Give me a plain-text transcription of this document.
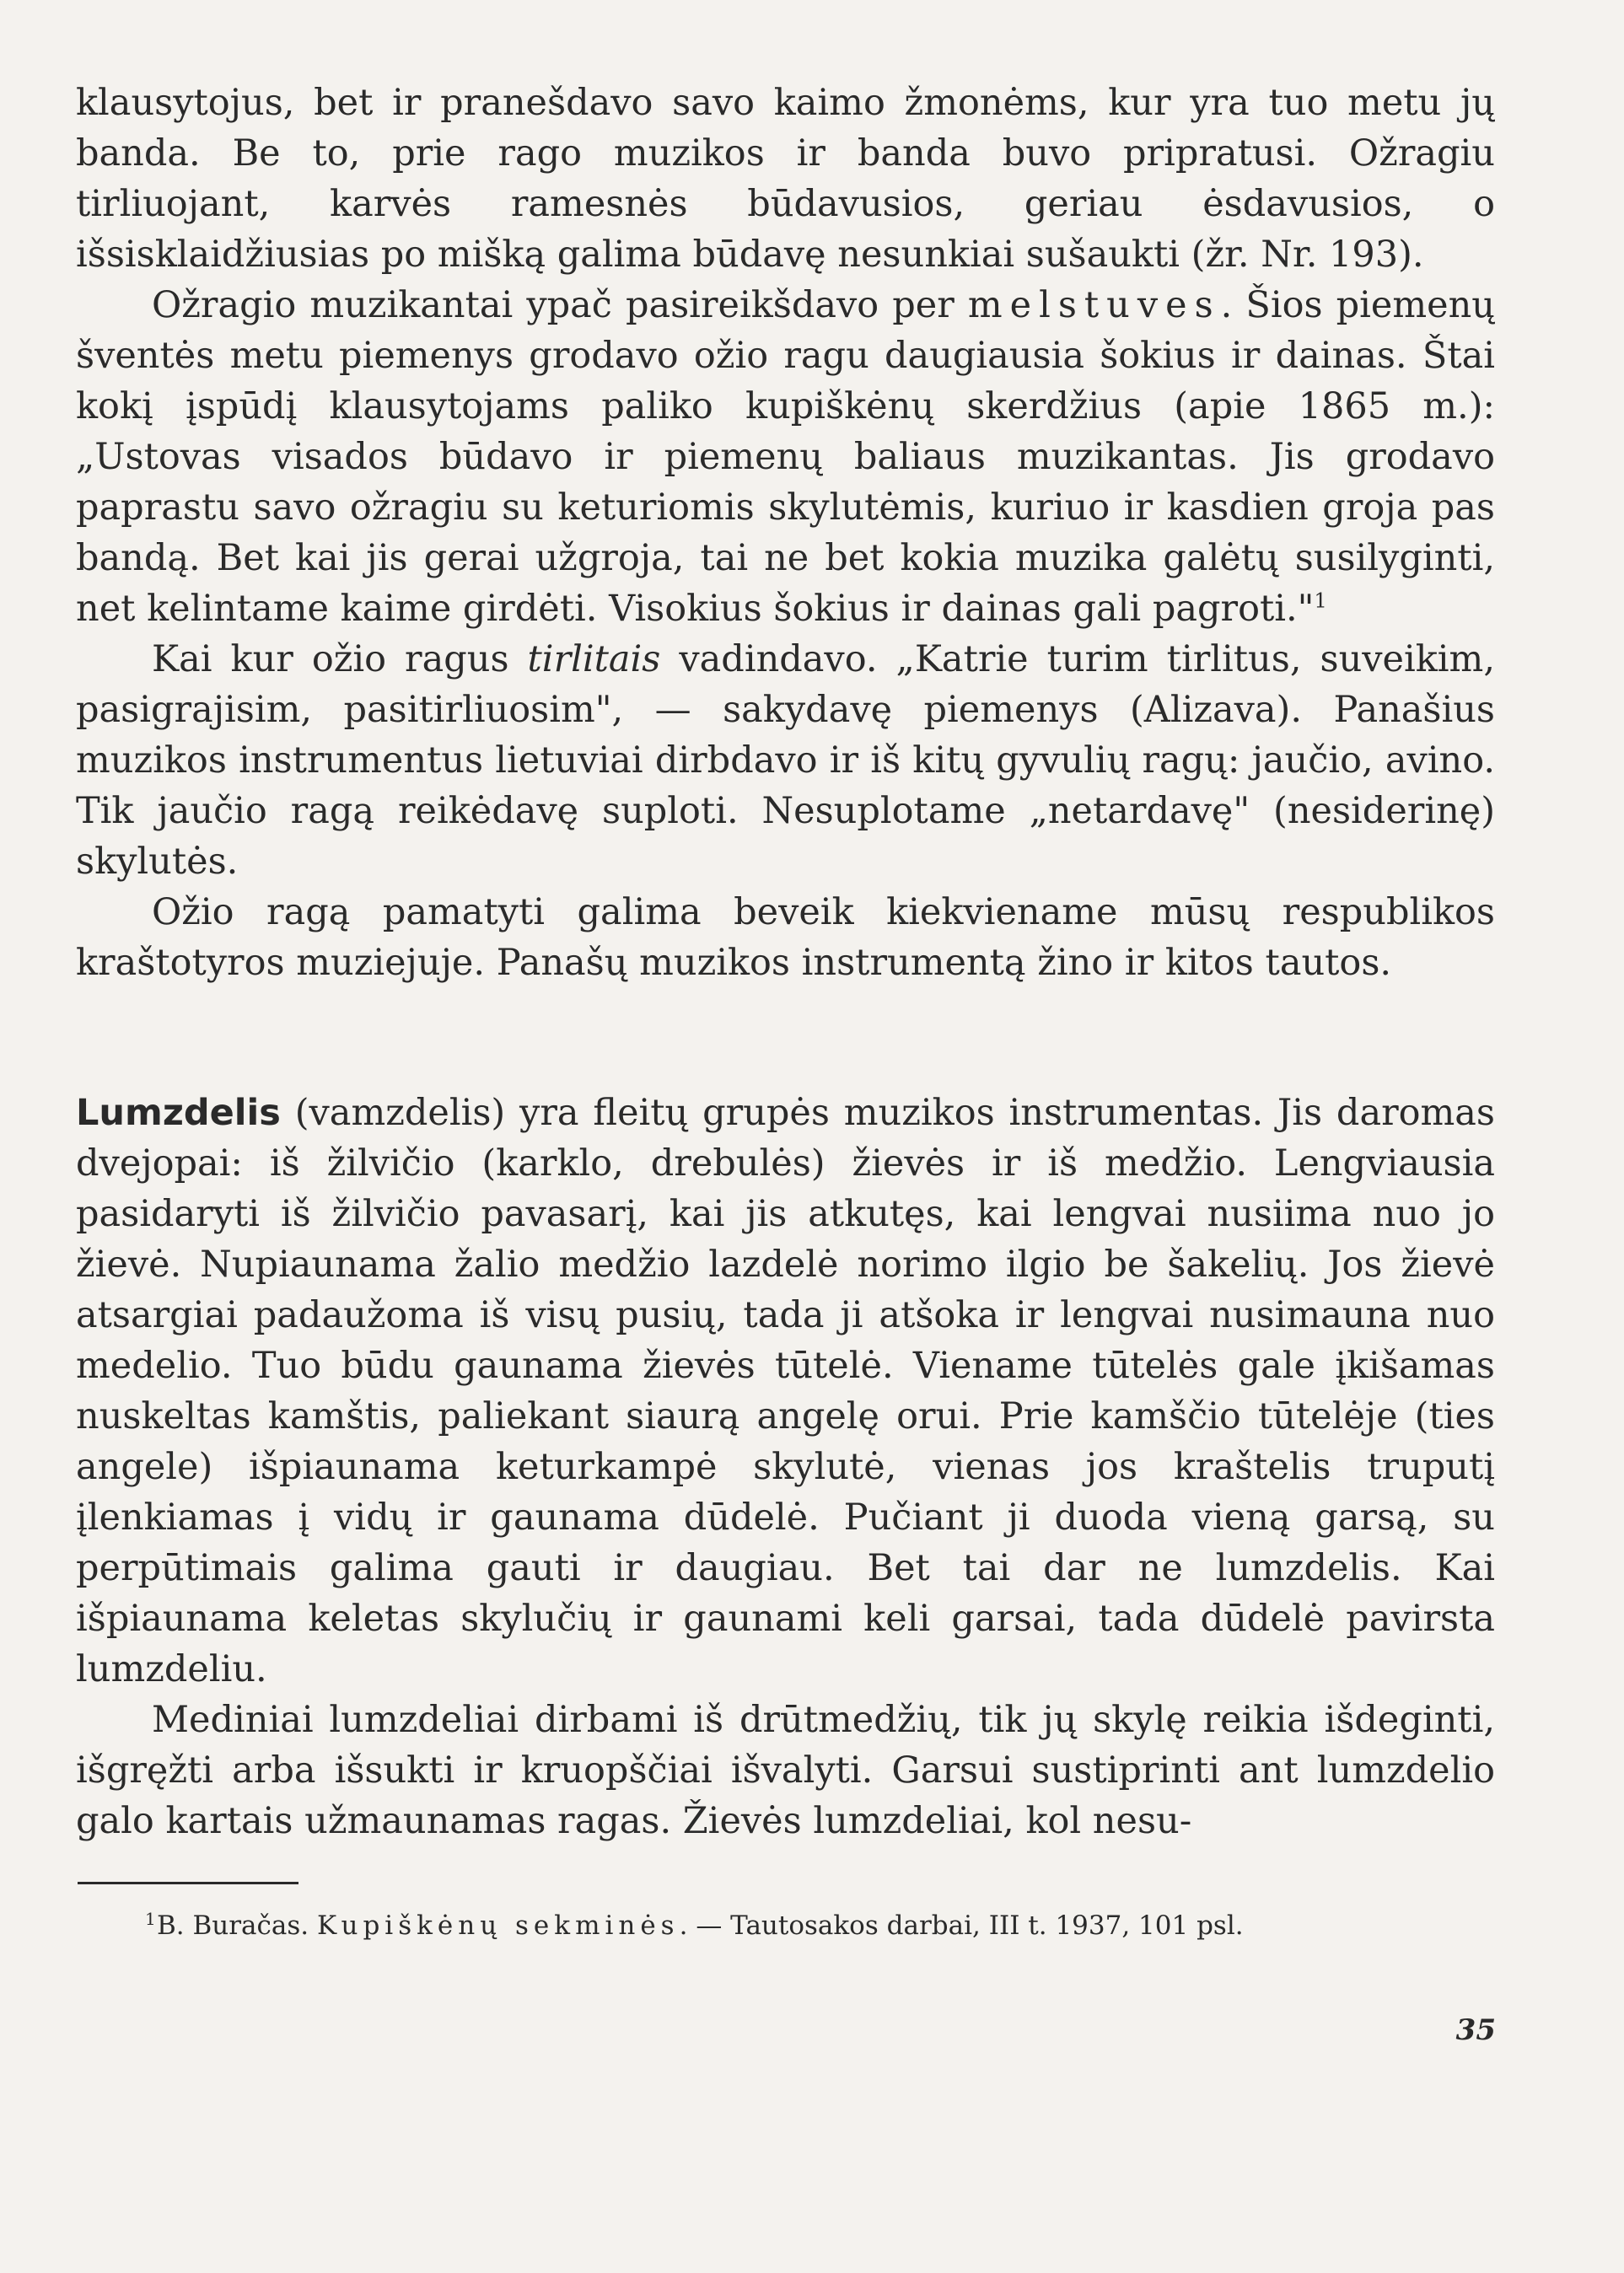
klausytojus, bet ir pranešdavo savo kaimo žmonėms, kur yra tuo metu jų banda. Be to, prie rago muzikos ir banda buvo pripratusi. Ožragiu tirliuojant, karvės ramesnės būdavusios, geriau ėsdavusios, o išsisklaidžiusias po mišką galima būdavę nesunkiai sušaukti (žr. Nr. 193).

Ožragio muzikantai ypač pasireikšdavo per melstuves. Šios piemenų šventės metu piemenys grodavo ožio ragu daugiausia šokius ir dainas. Štai kokį įspūdį klausytojams paliko kupiškėnų skerdžius (apie 1865 m.): „Ustovas visados būdavo ir piemenų baliaus muzikantas. Jis grodavo paprastu savo ožragiu su keturiomis skylutėmis, kuriuo ir kasdien groja pas bandą. Bet kai jis gerai užgroja, tai ne bet kokia muzika galėtų susilyginti, net kelintame kaime girdėti. Visokius šokius ir dainas gali pagroti."$^1$

Kai kur ožio ragus tirlitais vadindavo. „Katrie turim tirlitus, suveikim, pasigrajisim, pasitirliuosim", — sakydavę piemenys (Alizava). Panašius muzikos instrumentus lietuviai dirbdavo ir iš kitų gyvulių ragų: jaučio, avino. Tik jaučio ragą reikėdavę suploti. Nesuplotame „netardavę" (nesiderinę) skylutės.

Ožio ragą pamatyti galima beveik kiekviename mūsų respublikos kraštotyros muziejuje. Panašų muzikos instrumentą žino ir kitos tautos.

Lumzdelis (vamzdelis) yra fleitų grupės muzikos instrumentas. Jis daromas dvejopai: iš žilvičio (karklo, drebulės) žievės ir iš medžio. Lengviausia pasidaryti iš žilvičio pavasarį, kai jis atkutęs, kai lengvai nusiima nuo jo žievė. Nupiaunama žalio medžio lazdelė norimo ilgio be šakelių. Jos žievė atsargiai padaužoma iš visų pusių, tada ji atšoka ir lengvai nusimauna nuo medelio. Tuo būdu gaunama žievės tūtelė. Viename tūtelės gale įkišamas nuskeltas kamštis, paliekant siaurą angelę orui. Prie kamščio tūtelėje (ties angele) išpiaunama keturkampė skylutė, vienas jos kraštelis truputį įlenkiamas į vidų ir gaunama dūdelė. Pučiant ji duoda vieną garsą, su perpūtimais galima gauti ir daugiau. Bet tai dar ne lumzdelis. Kai išpiaunama keletas skylučių ir gaunami keli garsai, tada dūdelė pavirsta lumzdeliu.

Mediniai lumzdeliai dirbami iš drūtmedžių, tik jų skylę reikia išdeginti, išgręžti arba išsukti ir kruopščiai išvalyti. Garsui sustiprinti ant lumzdelio galo kartais užmaunamas ragas. Žievės lumzdeliai, kol nesu-

1 B. Buračas. Kupiškėnų sekminės. — Tautosakos darbai, III t. 1937, 101 psl.
35
